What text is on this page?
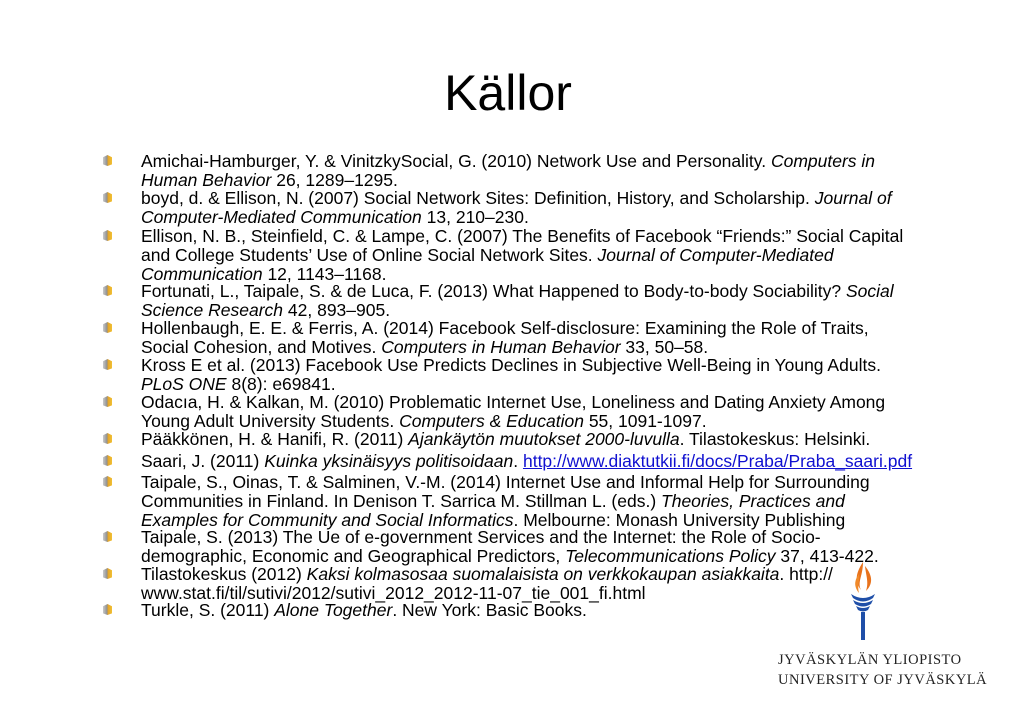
Källor
Amichai-Hamburger, Y. & VinitzkySocial, G. (2010) Network Use and Personality. Computers in Human Behavior 26, 1289–1295.
boyd, d. & Ellison, N. (2007) Social Network Sites: Definition, History, and Scholarship. Journal of Computer-Mediated Communication 13, 210–230.
Ellison, N. B., Steinfield, C. & Lampe, C. (2007) The Benefits of Facebook “Friends:” Social Capital and College Students’ Use of Online Social Network Sites. Journal of Computer-Mediated Communication 12, 1143–1168.
Fortunati, L., Taipale, S. & de Luca, F. (2013) What Happened to Body-to-body Sociability? Social Science Research 42, 893–905.
Hollenbaugh, E. E. & Ferris, A. (2014) Facebook Self-disclosure: Examining the Role of Traits, Social Cohesion, and Motives. Computers in Human Behavior 33, 50–58.
Kross E et al. (2013) Facebook Use Predicts Declines in Subjective Well-Being in Young Adults. PLoS ONE 8(8): e69841.
Odacıa, H. & Kalkan, M. (2010) Problematic Internet Use, Loneliness and Dating Anxiety Among Young Adult University Students. Computers & Education 55, 1091-1097.
Pääkkönen, H. & Hanifi, R. (2011) Ajankäytön muutokset 2000-luvulla. Tilastokeskus: Helsinki.
Saari, J. (2011) Kuinka yksinäisyys politisoidaan. http://www.diaktutkii.fi/docs/Praba/Praba_saari.pdf
Taipale, S., Oinas, T. & Salminen, V.-M. (2014) Internet Use and Informal Help for Surrounding Communities in Finland. In Denison T. Sarrica M. Stillman L. (eds.) Theories, Practices and Examples for Community and Social Informatics. Melbourne: Monash University Publishing
Taipale, S. (2013) The Ue of e-government Services and the Internet: the Role of Socio-demographic, Economic and Geographical Predictors, Telecommunications Policy 37, 413-422.
Tilastokeskus (2012) Kaksi kolmasosaa suomalaisista on verkkokaupan asiakkaita. http://www.stat.fi/til/sutivi/2012/sutivi_2012_2012-11-07_tie_001_fi.html
Turkle, S. (2011) Alone Together. New York: Basic Books.
JYVÄSKYLÄN YLIOPISTO
UNIVERSITY OF JYVÄSKYLÄ
